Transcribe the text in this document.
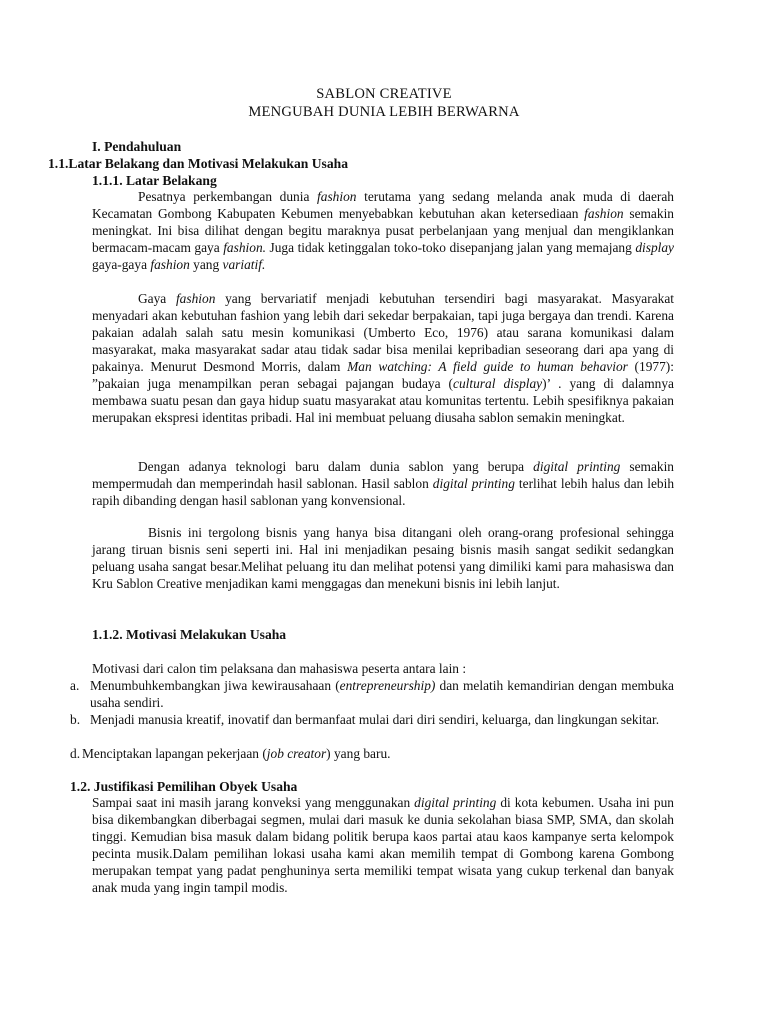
SABLON CREATIVE
MENGUBAH DUNIA LEBIH BERWARNA
I. Pendahuluan
1.1.Latar Belakang dan Motivasi Melakukan Usaha
1.1.1. Latar Belakang

Pesatnya perkembangan dunia fashion terutama yang sedang melanda anak muda di daerah Kecamatan Gombong Kabupaten Kebumen menyebabkan kebutuhan akan ketersediaan fashion semakin meningkat. Ini bisa dilihat dengan begitu maraknya pusat perbelanjaan yang menjual dan mengiklankan bermacam-macam gaya fashion. Juga tidak ketinggalan toko-toko disepanjang jalan yang memajang display gaya-gaya fashion yang variatif.

Gaya fashion yang bervariatif menjadi kebutuhan tersendiri bagi masyarakat. Masyarakat menyadari akan kebutuhan fashion yang lebih dari sekedar berpakaian, tapi juga bergaya dan trendi. Karena pakaian adalah salah satu mesin komunikasi (Umberto Eco, 1976) atau sarana komunikasi dalam masyarakat, maka masyarakat sadar atau tidak sadar bisa menilai kepribadian seseorang dari apa yang di pakainya. Menurut Desmond Morris, dalam Man watching: A field guide to human behavior (1977): ”pakaian juga menampilkan peran sebagai pajangan budaya (cultural display)’ . yang di dalamnya membawa suatu pesan dan gaya hidup suatu masyarakat atau komunitas tertentu. Lebih spesifiknya pakaian merupakan ekspresi identitas pribadi. Hal ini membuat peluang diusaha sablon semakin meningkat.

Dengan adanya teknologi baru dalam dunia sablon yang berupa digital printing semakin mempermudah dan memperindah hasil sablonan. Hasil sablon digital printing terlihat lebih halus dan lebih rapih dibanding dengan hasil sablonan yang konvensional.

Bisnis ini tergolong bisnis yang hanya bisa ditangani oleh orang-orang profesional sehingga jarang tiruan bisnis seni seperti ini. Hal ini menjadikan pesaing bisnis masih sangat sedikit sedangkan peluang usaha sangat besar.Melihat peluang itu dan melihat potensi yang dimiliki kami para mahasiswa dan Kru Sablon Creative menjadikan kami menggagas dan menekuni bisnis ini lebih lanjut.

1.1.2. Motivasi Melakukan Usaha

Motivasi dari calon tim pelaksana dan mahasiswa peserta antara lain :

a. Menumbuhkembangkan jiwa kewirausahaan (entrepreneurship) dan melatih kemandirian dengan membuka usaha sendiri.
b. Menjadi manusia kreatif, inovatif dan bermanfaat mulai dari diri sendiri, keluarga, dan lingkungan sekitar.
d. Menciptakan lapangan pekerjaan (job creator) yang baru.
1.2. Justifikasi Pemilihan Obyek Usaha

Sampai saat ini masih jarang konveksi yang menggunakan digital printing di kota kebumen. Usaha ini pun bisa dikembangkan diberbagai segmen, mulai dari masuk ke dunia sekolahan biasa SMP, SMA, dan skolah tinggi. Kemudian bisa masuk dalam bidang politik berupa kaos partai atau kaos kampanye serta kelompok pecinta musik.Dalam pemilihan lokasi usaha kami akan memilih tempat di Gombong karena Gombong merupakan tempat yang padat penghuninya serta memiliki tempat wisata yang cukup terkenal dan banyak anak muda yang ingin tampil modis.
